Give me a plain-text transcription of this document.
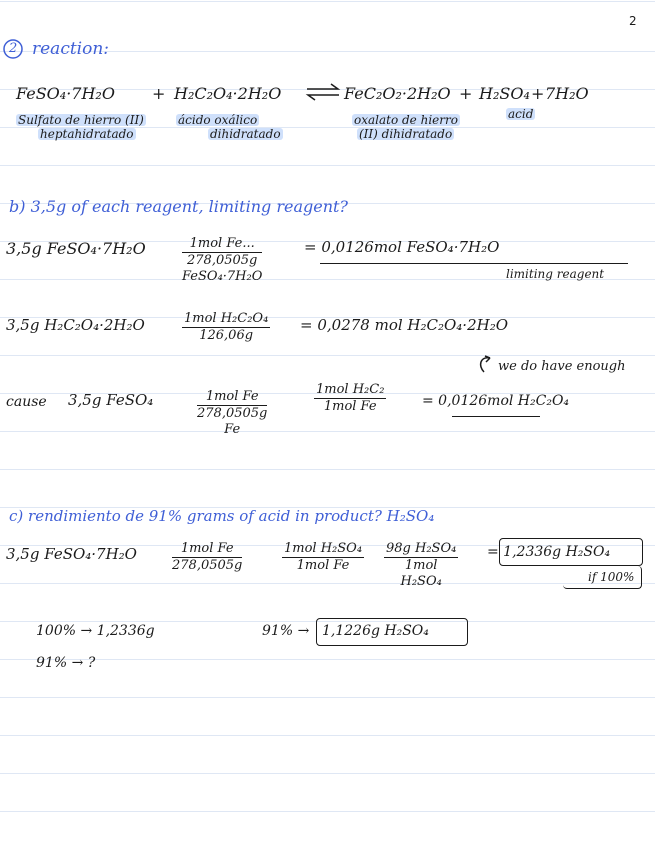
2
2 reaction:
FeSO₄·7H₂O + H₂C₂O₄·2H₂O ⇌ FeC₂O₂·2H₂O + H₂SO₄ + 7H₂O
Sulfato de hierro (II)
heptahidratado
ácido oxálico
dihidratado
oxalato de hierro
(II) dihidratado
acid
b) 3,5g of each reagent, limiting reagent?
3,5g FeSO₄·7H₂O	1mol Fe...
278,0505g
FeSO₄·7H₂O
= 0,0126mol FeSO₄·7H₂O
limiting reagent
3,5g H₂C₂O₄·2H₂O	1mol H₂C₂O₄
126,06g
= 0,0278 mol H₂C₂O₄·2H₂O
we do have enough
cause 3,5g FeSO₄	1mol Fe
278,0505g
Fe
1mol H₂C₂
1mol Fe	= 0,0126mol H₂C₂O₄
c) rendimiento de 91% grams of acid in product? H₂SO₄
3,5g FeSO₄·7H₂O	1mol Fe
278,0505g
1mol H₂SO₄
1mol Fe
98g H₂SO₄
1mol
H₂SO₄
= 1,2336g H₂SO₄
if 100%
100% → 1,2336g
91% → ?
91% → 1,1226g H₂SO₄
